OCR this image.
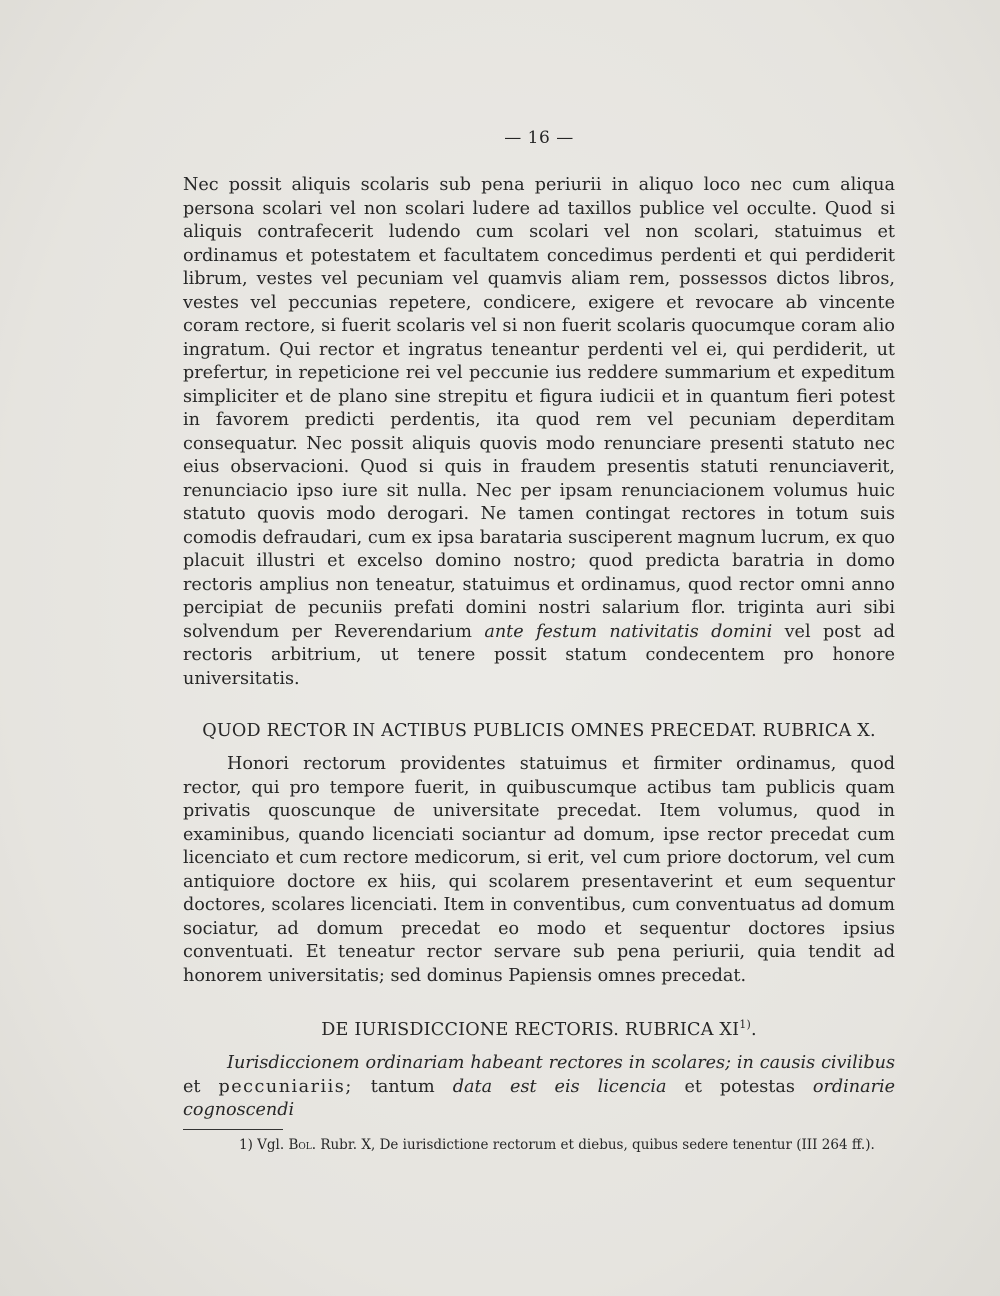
— 16 —

Nec possit aliquis scolaris sub pena periurii in aliquo loco nec cum aliqua persona scolari vel non scolari ludere ad taxillos publice vel occulte. Quod si aliquis contrafecerit ludendo cum scolari vel non scolari, statuimus et ordinamus et potestatem et facultatem concedimus perdenti et qui perdiderit librum, vestes vel pecuniam vel quamvis aliam rem, possessos dictos libros, vestes vel peccunias repetere, condicere, exigere et revocare ab vincente coram rectore, si fuerit scolaris vel si non fuerit scolaris quocumque coram alio ingratum. Qui rector et ingratus teneantur perdenti vel ei, qui perdiderit, ut prefertur, in repeticione rei vel peccunie ius reddere summarium et expeditum simpliciter et de plano sine strepitu et figura iudicii et in quantum fieri potest in favorem predicti perdentis, ita quod rem vel pecuniam deperditam consequatur. Nec possit aliquis quovis modo renunciare presenti statuto nec eius observacioni. Quod si quis in fraudem presentis statuti renunciaverit, renunciacio ipso iure sit nulla. Nec per ipsam renunciacionem volumus huic statuto quovis modo derogari. Ne tamen contingat rectores in totum suis comodis defraudari, cum ex ipsa barataria susciperent magnum lucrum, ex quo placuit illustri et excelso domino nostro; quod predicta baratria in domo rectoris amplius non teneatur, statuimus et ordinamus, quod rector omni anno percipiat de pecuniis prefati domini nostri salarium flor. triginta auri sibi solvendum per Reverendarium ante festum nativitatis domini vel post ad rectoris arbitrium, ut tenere possit statum condecentem pro honore universitatis.

QUOD RECTOR IN ACTIBUS PUBLICIS OMNES PRECEDAT. RUBRICA X.

Honori rectorum providentes statuimus et firmiter ordinamus, quod rector, qui pro tempore fuerit, in quibuscumque actibus tam publicis quam privatis quoscunque de universitate precedat. Item volumus, quod in examinibus, quando licenciati sociantur ad domum, ipse rector precedat cum licenciato et cum rectore medicorum, si erit, vel cum priore doctorum, vel cum antiquiore doctore ex hiis, qui scolarem presentaverint et eum sequentur doctores, scolares licenciati. Item in conventibus, cum conventuatus ad domum sociatur, ad domum precedat eo modo et sequentur doctores ipsius conventuati. Et teneatur rector servare sub pena periurii, quia tendit ad honorem universitatis; sed dominus Papiensis omnes precedat.

DE IURISDICCIONE RECTORIS. RUBRICA XI$^{1)}$.

Iurisdiccionem ordinariam habeant rectores in scolares; in causis civilibus et peccuniariis; tantum data est eis licencia et potestas ordinarie cognoscendi

1) Vgl. Bol. Rubr. X, De iurisdictione rectorum et diebus, quibus sedere tenentur (III 264 ff.).
